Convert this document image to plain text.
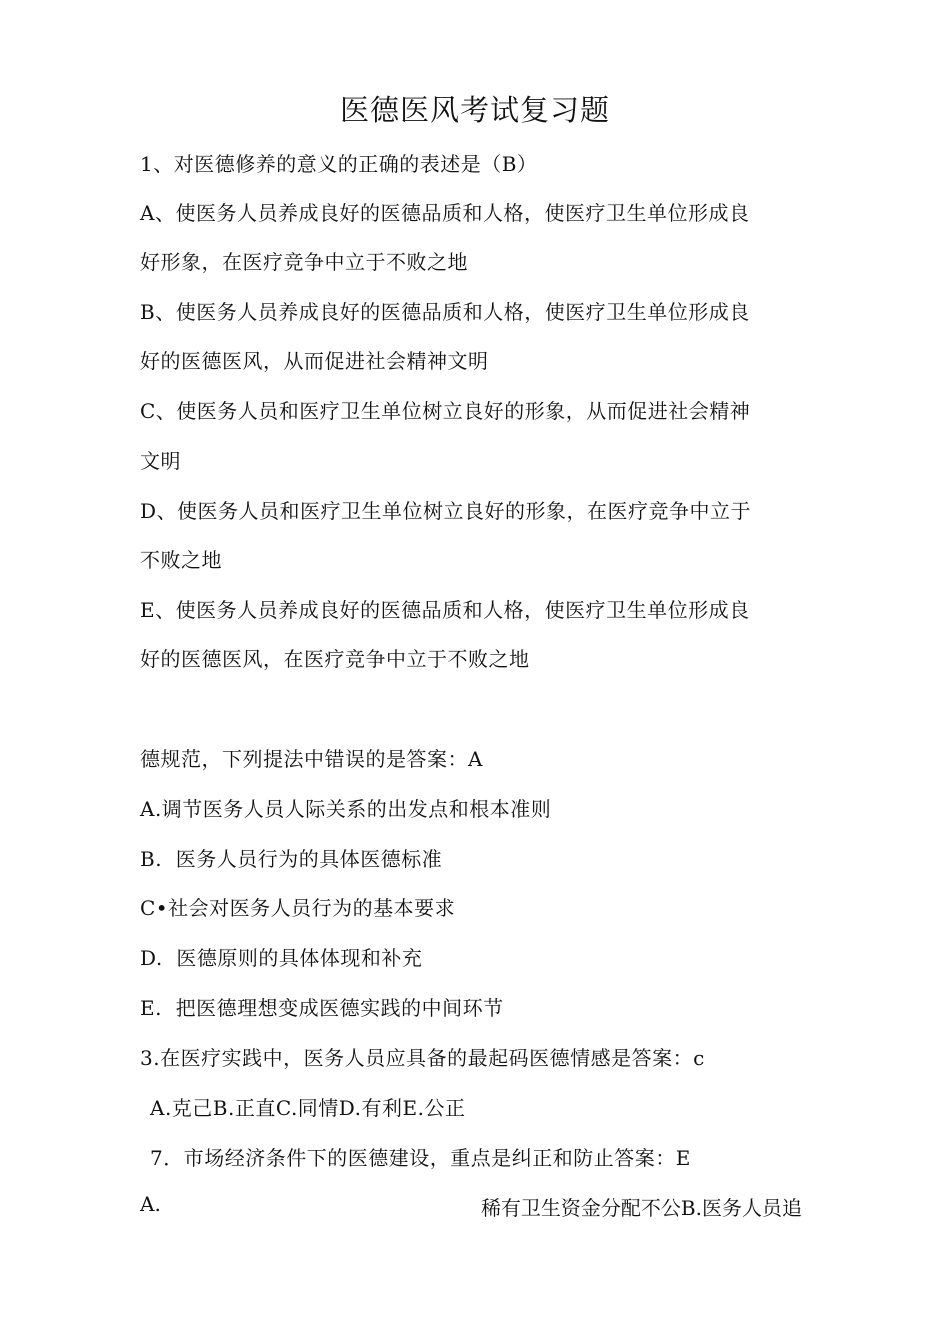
医德医风考试复习题
1、对医德修养的意义的正确的表述是（B）
A、使医务人员养成良好的医德品质和人格，使医疗卫生单位形成良
好形象，在医疗竞争中立于不败之地
B、使医务人员养成良好的医德品质和人格，使医疗卫生单位形成良
好的医德医风，从而促进社会精神文明
C、使医务人员和医疗卫生单位树立良好的形象，从而促进社会精神
文明
D、使医务人员和医疗卫生单位树立良好的形象，在医疗竞争中立于
不败之地
E、使医务人员养成良好的医德品质和人格，使医疗卫生单位形成良
好的医德医风，在医疗竞争中立于不败之地
德规范，下列提法中错误的是答案：A
A.调节医务人员人际关系的出发点和根本准则
B.  医务人员行为的具体医德标准
C•社会对医务人员行为的基本要求
D.  医德原则的具体体现和补充
E.  把医德理想变成医德实践的中间环节
3.在医疗实践中，医务人员应具备的最起码医德情感是答案：c
A.克己B.正直C.同情D.有利E.公正
7．市场经济条件下的医德建设，重点是纠正和防止答案：E
A.	稀有卫生资金分配不公B.医务人员追
